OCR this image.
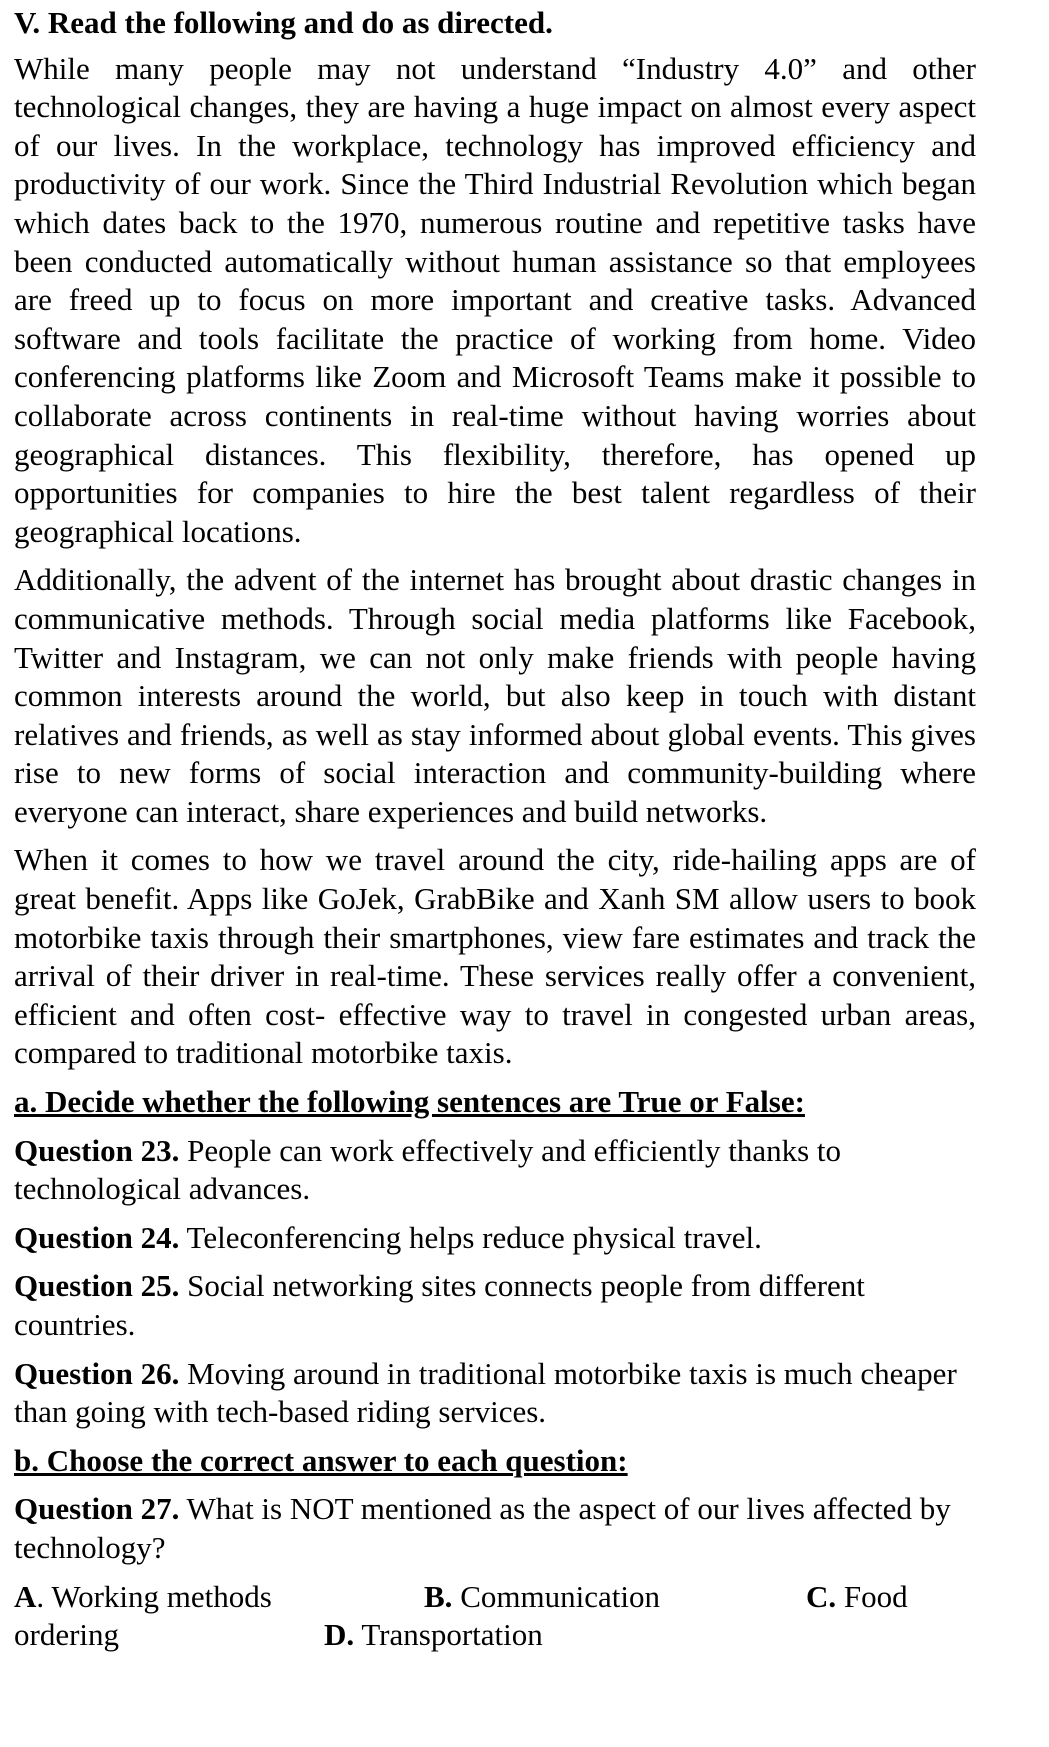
V. Read the following and do as directed.

While many people may not understand “Industry 4.0” and other technological changes, they are having a huge impact on almost every aspect of our lives. In the workplace, technology has improved efficiency and productivity of our work. Since the Third Industrial Revolution which began which dates back to the 1970, numerous routine and repetitive tasks have been conducted automatically without human assistance so that employees are freed up to focus on more important and creative tasks. Advanced software and tools facilitate the practice of working from home. Video conferencing platforms like Zoom and Microsoft Teams make it possible to collaborate across continents in real-time without having worries about geographical distances. This flexibility, therefore, has opened up opportunities for companies to hire the best talent regardless of their geographical locations.

Additionally, the advent of the internet has brought about drastic changes in communicative methods. Through social media platforms like Facebook, Twitter and Instagram, we can not only make friends with people having common interests around the world, but also keep in touch with distant relatives and friends, as well as stay informed about global events. This gives rise to new forms of social interaction and community-building where everyone can interact, share experiences and build networks.

When it comes to how we travel around the city, ride-hailing apps are of great benefit. Apps like GoJek, GrabBike and Xanh SM allow users to book motorbike taxis through their smartphones, view fare estimates and track the arrival of their driver in real-time. These services really offer a convenient, efficient and often cost- effective way to travel in congested urban areas, compared to traditional motorbike taxis.

a. Decide whether the following sentences are True or False:
Question 23. People can work effectively and efficiently thanks to technological advances.
Question 24. Teleconferencing helps reduce physical travel.
Question 25. Social networking sites connects people from different countries.
Question 26. Moving around in traditional motorbike taxis is much cheaper than going with tech-based riding services.
b. Choose the correct answer to each question:
Question 27. What is NOT mentioned as the aspect of our lives affected by technology?
A. Working methods	B. Communication	C. Food
ordering	D. Transportation
